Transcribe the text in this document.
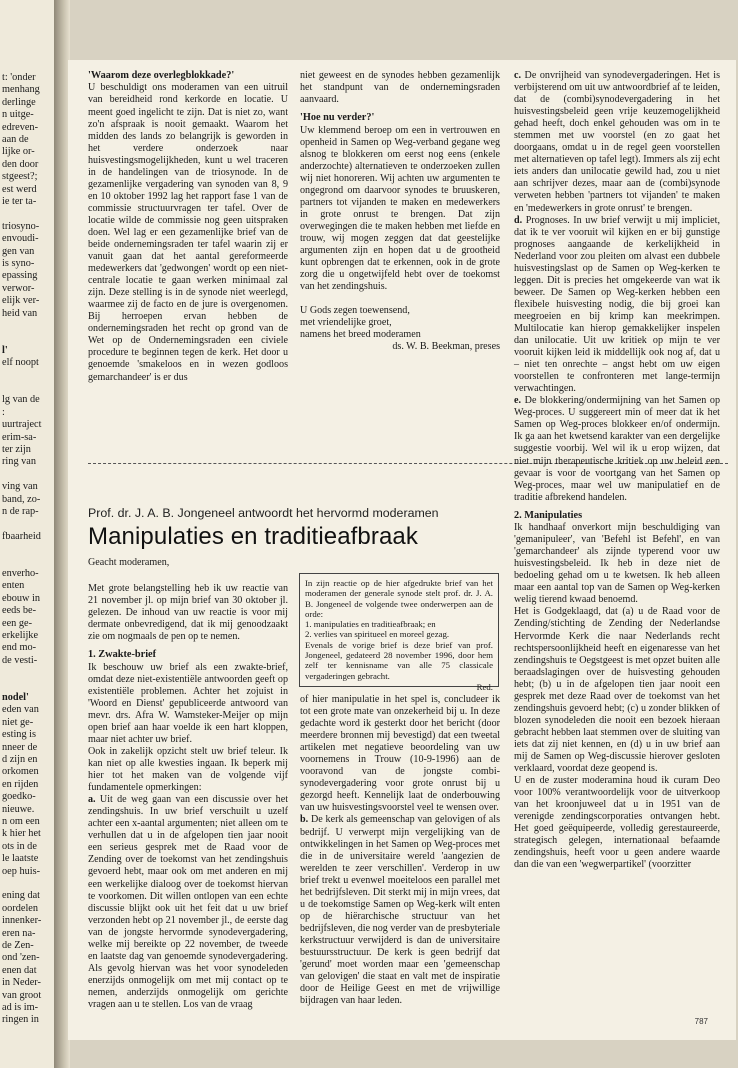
t: 'onder
menhang
derlinge
n uitge-
edreven-
aan de
lijke or-
den door
stgeest?;
est werd
ie ter ta-
triosyno-
envoudi-
gen van
is syno-
epassing
verwor-
elijk ver-
heid van
l'
elf noopt
lg van de
:
uurtraject
erim-sa-
ter zijn
ring van
ving van
band, zo-
n de rap-
fbaarheid
enverho-
enten
ebouw in
eeds be-
een ge-
erkelijke
end mo-
de vesti-
nodel'
eden van
niet ge-
esting is
nneer de
d zijn en
orkomen
en rijden
goedko-
nieuwe.
n om een
k hier het
ots in de
le laatste
oep huis-
ening dat
oordelen
innenker-
eren na-
de Zen-
ond 'zen-
enen dat
in Neder-
van groot
ad is im-
ringen in
'Waarom deze overlegblokkade?'

U beschuldigt ons moderamen van een uitruil van bereidheid rond kerkorde en locatie. U meent goed ingelicht te zijn. Dat is niet zo, want zo'n afspraak is nooit gemaakt. Waarom het midden des lands zo belangrijk is geworden in het verdere onderzoek naar huisvestingsmogelijkheden, kunt u wel traceren in de handelingen van de triosynode. In de gezamenlijke vergadering van synoden van 8, 9 en 10 oktober 1992 lag het rapport fase 1 van de commissie structuurvragen ter tafel. Over de locatie wilde de commissie nog geen uitspraken doen. Wel lag er een gezamenlijke brief van de beide ondernemingsraden ter tafel waarin zij er vanuit gaan dat het aantal gereformeerde medewerkers dat 'gedwongen' wordt op een niet-centrale locatie te gaan werken minimaal zal zijn. Deze stelling is in de synode niet weerlegd, waarmee zij de facto en de jure is overgenomen. Bij herroepen ervan hebben de ondernemingsraden het recht op grond van de Wet op de Ondernemingsraden een civiele procedure te beginnen tegen de kerk. Het door u genoemde 'smakeloos en in wezen godloos gemarchandeer' is er dus

niet geweest en de synodes hebben gezamenlijk het standpunt van de ondernemingsraden aanvaard.

'Hoe nu verder?'

Uw klemmend beroep om een in vertrouwen en openheid in Samen op Weg-verband gegane weg alsnog te blokkeren om eerst nog eens (enkele anderzochte) alternatieven te onderzoeken zullen wij niet honoreren. Wij achten uw argumenten te ongegrond om daarvoor synodes te bruuskeren, partners tot vijanden te maken en medewerkers in grote onrust te brengen. Dat zijn overwegingen die te maken hebben met liefde en trouw, wij mogen zeggen dat dat geestelijke argumenten zijn en hopen dat u de grootheid kunt opbrengen dat te erkennen, ook in de grote zorg die u ongetwijfeld hebt over de toekomst van het zendingshuis.

U Gods zegen toewensend,

met vriendelijke groet,

namens het breed moderamen

ds. W. B. Beekman, preses

Prof. dr. J. A. B. Jongeneel antwoordt het hervormd moderamen
Manipulaties en traditieafbraak

Geacht moderamen,

Met grote belangstelling heb ik uw reactie van 21 november jl. op mijn brief van 30 oktober jl. gelezen. De inhoud van uw reactie is voor mij dermate onbevredigend, dat ik mij genoodzaakt zie om nogmaals de pen op te nemen.

1. Zwakte-brief

Ik beschouw uw brief als een zwakte-brief, omdat deze niet-existentiële antwoorden geeft op existentiële problemen. Achter het zojuist in 'Woord en Dienst' gepubliceerde antwoord van mevr. drs. Afra W. Wamsteker-Meijer op mijn open brief aan haar voelde ik een hart kloppen, maar niet achter uw brief.

Ook in zakelijk opzicht stelt uw brief teleur. Ik kan niet op alle kwesties ingaan. Ik beperk mij hier tot het maken van de volgende vijf fundamentele opmerkingen:

a. Uit de weg gaan van een discussie over het zendingshuis. In uw brief verschuilt u uzelf achter een x-aantal argumenten; niet alleen om te verhullen dat u in de afgelopen tien jaar nooit een serieus gesprek met de Raad voor de Zending over de toekomst van het zendingshuis gevoerd hebt, maar ook om met anderen en mij een werkelijke dialoog over de toekomst hiervan te voorkomen. Dit willen ontlopen van een echte discussie blijkt ook uit het feit dat u uw brief verzonden hebt op 21 november jl., de eerste dag van de jongste hervormde synodevergadering, welke mij bereikte op 22 november, de tweede en laatste dag van genoemde synodevergadering. Als gevolg hiervan was het voor synodeleden enerzijds onmogelijk om met mij contact op te nemen, anderzijds onmogelijk om gerichte vragen aan u te stellen. Los van de vraag

In zijn reactie op de hier afgedrukte brief van het moderamen der generale synode stelt prof. dr. J. A. B. Jongeneel de volgende twee onderwerpen aan de orde:

1. manipulaties en traditieafbraak; en

2. verlies van spiritueel en moreel gezag.

Evenals de vorige brief is deze brief van prof. Jongeneel, gedateerd 28 november 1996, door hem zelf ter kennisname van alle 75 classicale vergaderingen gebracht.

Red.

of hier manipulatie in het spel is, concludeer ik tot een grote mate van onzekerheid bij u. In deze gedachte word ik gesterkt door het bericht (door meerdere bronnen mij bevestigd) dat een tweetal artikelen met negatieve beoordeling van uw voornemens in Trouw (10-9-1996) aan de vooravond van de jongste combi-synodevergadering voor grote onrust bij u gezorgd heeft. Kennelijk laat de onderbouwing van uw huisvestingsvoorstel veel te wensen over.

b. De kerk als gemeenschap van gelovigen of als bedrijf. U verwerpt mijn vergelijking van de ontwikkelingen in het Samen op Weg-proces met die in de universitaire wereld 'aangezien de werelden te zeer verschillen'. Verderop in uw brief trekt u evenwel moeiteloos een parallel met het bedrijfsleven. Dit sterkt mij in mijn vrees, dat u de toekomstige Samen op Weg-kerk wilt enten op de hiërarchische structuur van het bedrijfsleven, die nog verder van de presbyteriale kerkstructuur verwijderd is dan de universitaire bestuursstructuur. De kerk is geen bedrijf dat 'gerund' moet worden maar een 'gemeenschap van gelovigen' die staat en valt met de inspiratie door de Heilige Geest en met de vrijwillige bijdragen van haar leden.

c. De onvrijheid van synodevergaderingen. Het is verbijsterend om uit uw antwoordbrief af te leiden, dat de (combi)synodevergadering in het huisvestingsbeleid geen vrije keuzemogelijkheid gehad heeft, doch enkel gehouden was om in te stemmen met uw voorstel (en zo gaat het doorgaans, omdat u in de regel geen voorstellen met alternatieven op tafel legt). Immers als zij echt iets anders dan unilocatie gewild had, zou u niet aan schrijver dezes, maar aan de (combi)synode verweten hebben 'partners tot vijanden' te maken en 'medewerkers in grote onrust' te brengen.

d. Prognoses. In uw brief verwijt u mij impliciet, dat ik te ver vooruit wil kijken en er bij gunstige prognoses aangaande de kerkelijkheid in Nederland voor zou pleiten om alvast een dubbele huisvestingslast op de Samen op Weg-kerken te leggen. Dit is precies het omgekeerde van wat ik beweer. De Samen op Weg-kerken hebben een flexibele huisvesting nodig, die bij groei kan meegroeien en bij krimp kan meekrimpen. Multilocatie kan hierop gemakkelijker inspelen dan unilocatie. Uit uw kritiek op mijn te ver vooruit kijken leid ik middellijk ook nog af, dat u – niet ten onrechte – angst hebt om uw eigen voorstellen te confronteren met lange-termijn verwachtingen.

e. De blokkering/ondermijning van het Samen op Weg-proces. U suggereert min of meer dat ik het Samen op Weg-proces blokkeer en/of ondermijn. Ik ga aan het kwetsend karakter van een dergelijke suggestie voorbij. Wel wil ik u erop wijzen, dat niet mijn therapeutische kritiek op uw beleid een gevaar is voor de voortgang van het Samen op Weg-proces, maar wel uw manipulatief en de traditie afbrekend handelen.

2. Manipulaties

Ik handhaaf onverkort mijn beschuldiging van 'gemanipuleer', van 'Befehl ist Befehl', en van 'gemarchandeer' als zijnde typerend voor uw huisvestingsbeleid. Ik heb in deze niet de bedoeling gehad om u te kwetsen. Ik heb alleen maar een aantal top van de Samen op Weg-kerken welig tierend kwaad benoemd.

Het is Godgeklaagd, dat (a) u de Raad voor de Zending/stichting de Zending der Nederlandse Hervormde Kerk die naar Nederlands recht rechtspersoonlijkheid heeft en eigenaresse van het zendingshuis te Oegstgeest is met opzet buiten alle beraadslagingen over de huisvesting gehouden hebt; (b) u in de afgelopen tien jaar nooit een gesprek met deze Raad over de toekomst van het zendingshuis gevoerd hebt; (c) u zonder blikken of blozen synodeleden die nooit een bezoek hieraan gebracht hebben laat stemmen over de sluiting van iets dat zij niet kennen, en (d) u in uw brief aan mij de Samen op Weg-discussie hierover gesloten verklaard, voordat deze geopend is.

U en de zuster moderamina houd ik curam Deo voor 100% verantwoordelijk voor de uitverkoop van het kroonjuweel dat u in 1951 van de verenigde zendingscorporaties ontvangen hebt. Het goed geëquipeerde, volledig gerestaureerde, strategisch gelegen, internationaal befaamde zendingshuis, heeft voor u geen andere waarde dan die van een 'wegwerpartikel' (voorzitter

787
